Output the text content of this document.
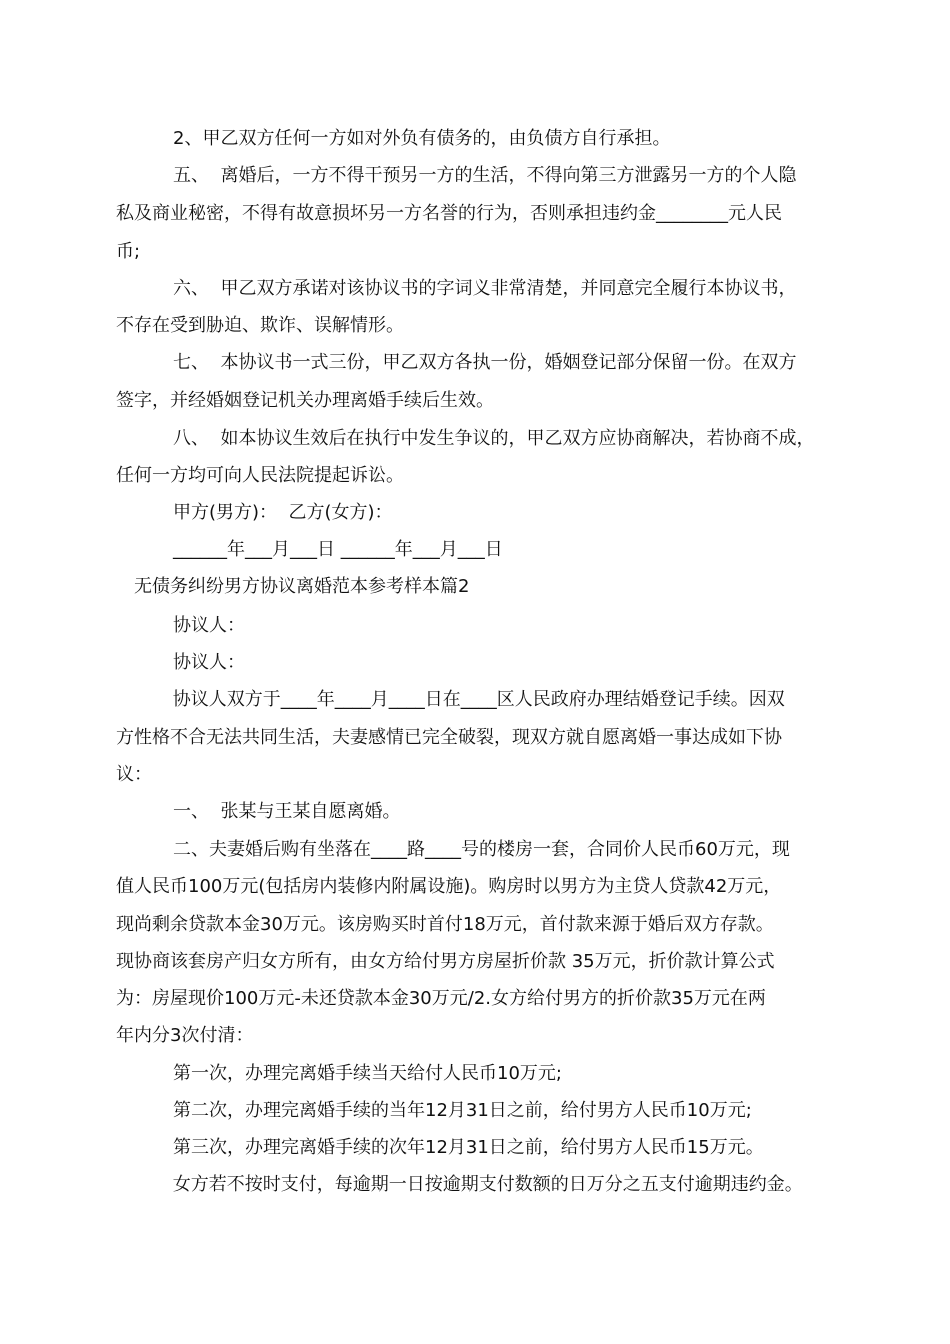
2、甲乙双方任何一方如对外负有债务的，由负债方自行承担。
五、  离婚后，一方不得干预另一方的生活，不得向第三方泄露另一方的个人隐
私及商业秘密，不得有故意损坏另一方名誉的行为，否则承担违约金________元人民
币;
六、  甲乙双方承诺对该协议书的字词义非常清楚，并同意完全履行本协议书，
不存在受到胁迫、欺诈、误解情形。
七、  本协议书一式三份，甲乙双方各执一份，婚姻登记部分保留一份。在双方
签字，并经婚姻登记机关办理离婚手续后生效。
八、  如本协议生效后在执行中发生争议的，甲乙双方应协商解决，若协商不成，
任何一方均可向人民法院提起诉讼。
甲方(男方)：  乙方(女方)：
______年___月___日 ______年___月___日
无债务纠纷男方协议离婚范本参考样本篇2
协议人：
协议人：
协议人双方于____年____月____日在____区人民政府办理结婚登记手续。因双
方性格不合无法共同生活，夫妻感情已完全破裂，现双方就自愿离婚一事达成如下协
议：
一、  张某与王某自愿离婚。
二、夫妻婚后购有坐落在____路____号的楼房一套，合同价人民币60万元，现
值人民币100万元(包括房内装修内附属设施)。购房时以男方为主贷人贷款42万元，
现尚剩余贷款本金30万元。该房购买时首付18万元，首付款来源于婚后双方存款。
现协商该套房产归女方所有，由女方给付男方房屋折价款 35万元，折价款计算公式
为：房屋现价100万元-未还贷款本金30万元/2.女方给付男方的折价款35万元在两
年内分3次付清：
第一次，办理完离婚手续当天给付人民币10万元;
第二次，办理完离婚手续的当年12月31日之前，给付男方人民币10万元;
第三次，办理完离婚手续的次年12月31日之前，给付男方人民币15万元。
女方若不按时支付，每逾期一日按逾期支付数额的日万分之五支付逾期违约金。
